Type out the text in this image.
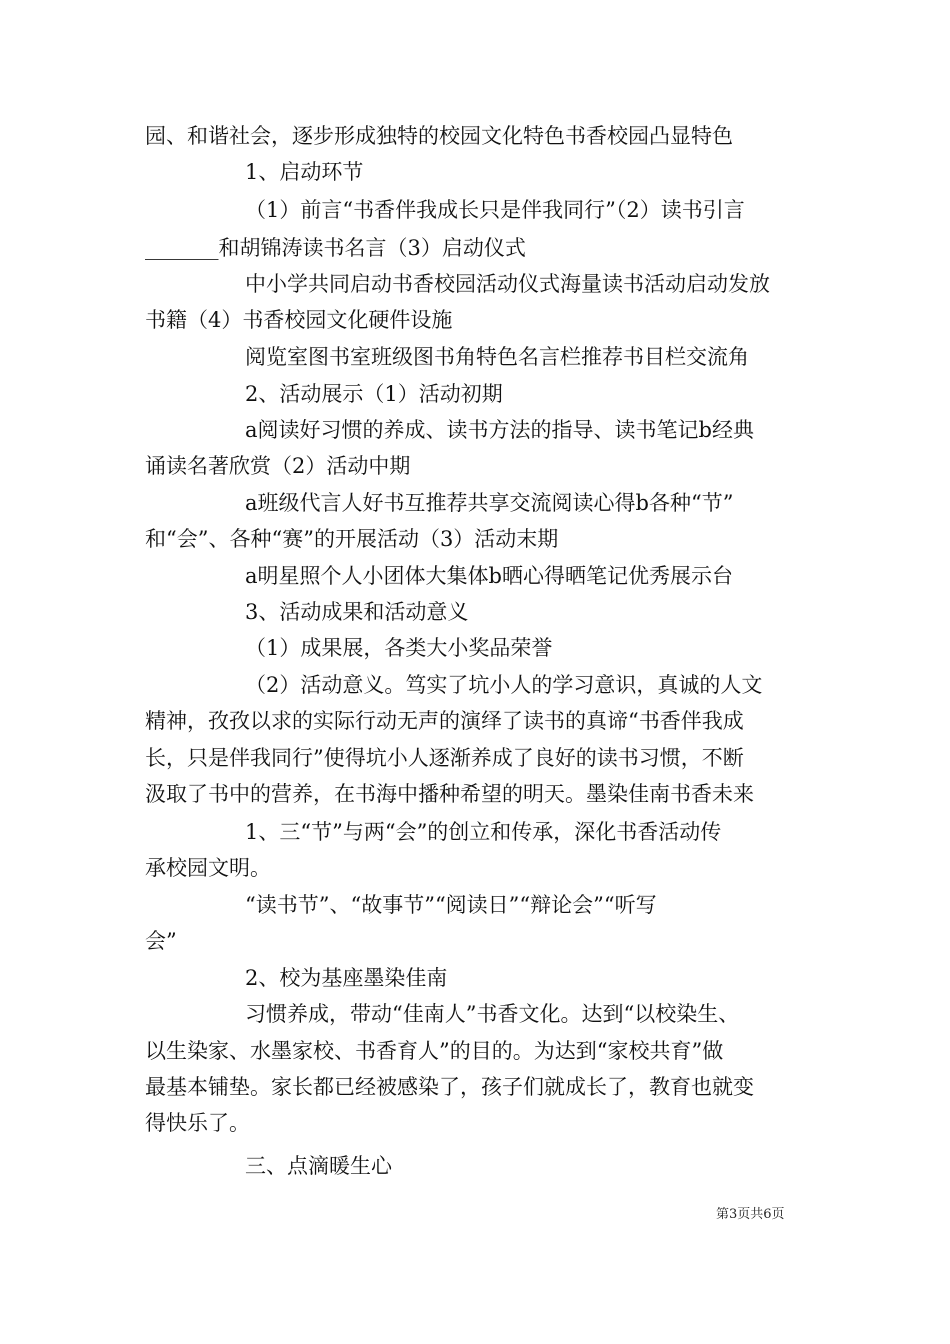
园、和谐社会，逐步形成独特的校园文化特色书香校园凸显特色
1、启动环节
（1）前言“书香伴我成长只是伴我同行”（2）读书引言
_______和胡锦涛读书名言（3）启动仪式
中小学共同启动书香校园活动仪式海量读书活动启动发放
书籍（4）书香校园文化硬件设施
阅览室图书室班级图书角特色名言栏推荐书目栏交流角
2、活动展示（1）活动初期
a阅读好习惯的养成、读书方法的指导、读书笔记b经典
诵读名著欣赏（2）活动中期
a班级代言人好书互推荐共享交流阅读心得b各种“节”
和“会”、各种“赛”的开展活动（3）活动末期
a明星照个人小团体大集体b晒心得晒笔记优秀展示台
3、活动成果和活动意义
（1）成果展，各类大小奖品荣誉
（2）活动意义。笃实了坑小人的学习意识，真诚的人文
精神，孜孜以求的实际行动无声的演绎了读书的真谛“书香伴我成
长，只是伴我同行”使得坑小人逐渐养成了良好的读书习惯，不断
汲取了书中的营养，在书海中播种希望的明天。墨染佳南书香未来
1、三“节”与两“会”的创立和传承，深化书香活动传
承校园文明。
“读书节”、“故事节”“阅读日”“辩论会”“听写
会”
2、校为基座墨染佳南
习惯养成，带动“佳南人”书香文化。达到“以校染生、
以生染家、水墨家校、书香育人”的目的。为达到“家校共育”做
最基本铺垫。家长都已经被感染了，孩子们就成长了，教育也就变
得快乐了。
三、点滴暖生心
第3页共6页
